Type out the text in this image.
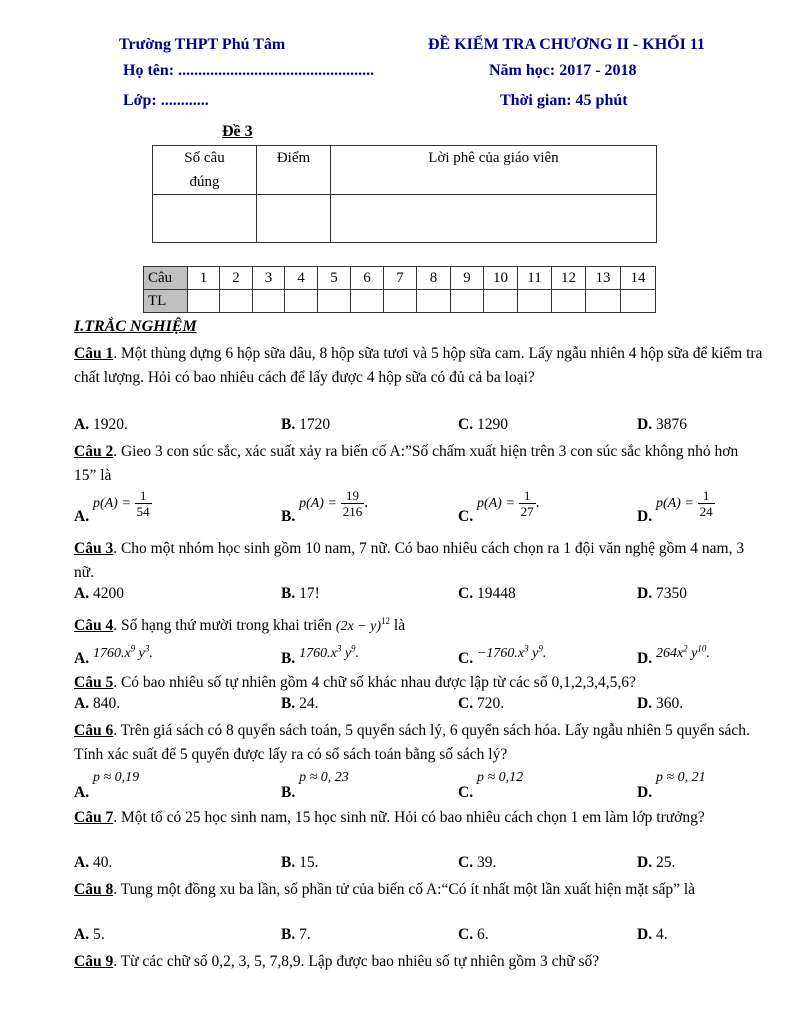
Trường THPT Phú Tâm	ĐỀ KIỂM TRA CHƯƠNG II - KHỐI 11
Họ tên: .................................................	Năm học: 2017 - 2018
Lớp: ............	Thời gian: 45 phút
Đề 3
Số câu
đúng	Điểm	Lời phê của giáo viên

Câu	1	2	3	4	5	6	7	8	9	10	11	12	13	14
TL														
I.TRẮC NGHIỆM
Câu 1. Một thùng dựng 6 hộp sữa dâu, 8 hộp sữa tươi và 5 hộp sữa cam. Lấy ngẫu nhiên 4 hộp sữa để kiểm tra chất lượng. Hỏi có bao nhiêu cách để lấy được 4 hộp sữa có đủ cả ba loại?
A. 1920.	B. 1720	C. 1290	D. 3876
Câu 2. Gieo 3 con súc sắc, xác suất xảy ra biến cố A:”Số chấm xuất hiện trên 3 con súc sắc không nhỏ hơn 15” là
A. $p(A) = \frac{1}{54}$	B. $p(A) = \frac{19}{216}$ .
C. $p(A) = \frac{1}{27}$ .
D. $p(A) = \frac{1}{24}$
Câu 3. Cho một nhóm học sinh gồm 10 nam, 7 nữ. Có bao nhiêu cách chọn ra 1 đội văn nghệ gồm 4 nam, 3 nữ.
A. 4200	B. 17!	C. 19448	D. 7350
Câu 4. Số hạng thứ mười trong khai triển $(2x - y)^{12}$ là
A. $1760.x^9$ $y^3$.	B. $1760.x^3$ $y^9$.	C. $-1760.x^3$ $y^9$.	D. $264x^2$ $y^{10}$.
Câu 5. Có bao nhiêu số tự nhiên gồm 4 chữ số khác nhau được lập từ các số 0,1,2,3,4,5,6?
A. 840.	B. 24.	C. 720.	D. 360.
Câu 6. Trên giá sách có 8 quyển sách toán, 5 quyển sách lý, 6 quyển sách hóa. Lấy ngẫu nhiên 5 quyển sách. Tính xác suất để 5 quyển được lấy ra có số sách toán bằng số sách lý?
A. p ≈ 0,19
B. p ≈ 0, 23
C. p ≈ 0,12
D. p ≈ 0, 21
Câu 7. Một tổ có 25 học sinh nam, 15 học sinh nữ. Hỏi có bao nhiêu cách chọn 1 em làm lớp trưởng?
A. 40.	B. 15.	C. 39.	D. 25.
Câu 8. Tung một đồng xu ba lần, số phần tử của biến cố A:“Có ít nhất một lần xuất hiện mặt sấp” là
A. 5.	B. 7.	C. 6.	D. 4.
Câu 9. Từ các chữ số 0,2, 3, 5, 7,8,9. Lập được bao nhiêu số tự nhiên gồm 3 chữ số?
